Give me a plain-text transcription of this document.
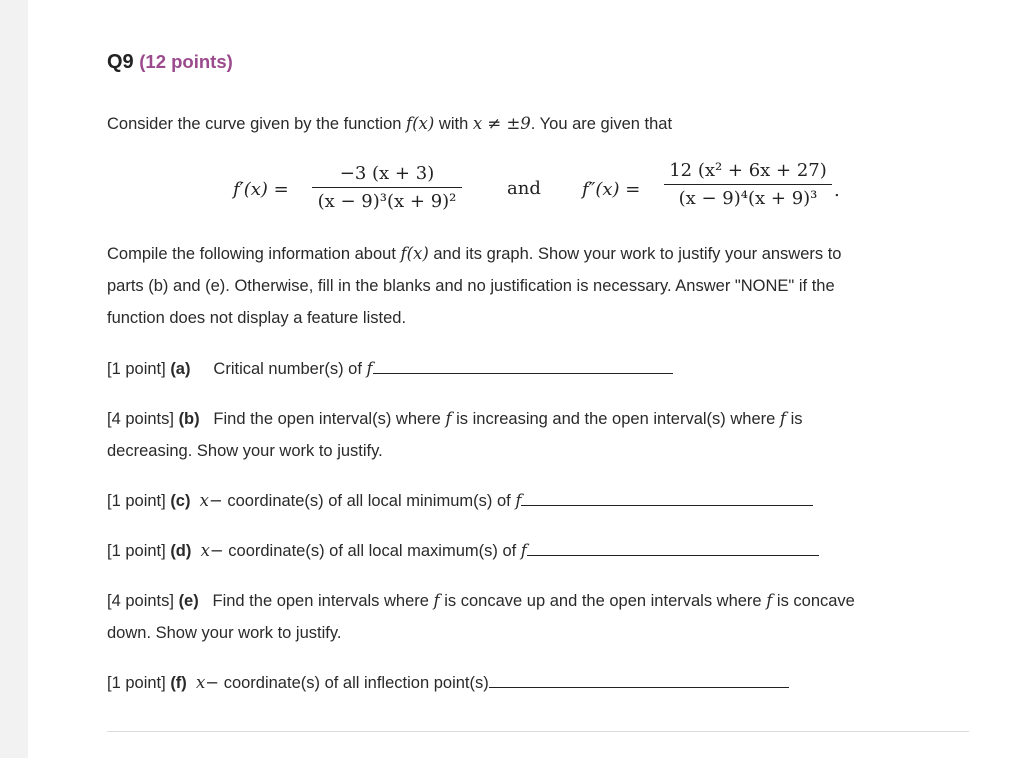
Q9 (12 points)
Consider the curve given by the function f(x) with x ≠ ±9. You are given that
f′(x) =
−3 (x + 3)
(x − 9)³(x + 9)²
and f″(x) =
12 (x² + 6x + 27)
(x − 9)⁴(x + 9)³ .
Compile the following information about f(x) and its graph. Show your work to justify your answers to
parts (b) and (e). Otherwise, fill in the blanks and no justification is necessary. Answer "NONE" if the
function does not display a feature listed.
[1 point] (a) Critical number(s) of f
[4 points] (b) Find the open interval(s) where f is increasing and the open interval(s) where f is
decreasing. Show your work to justify.
[1 point] (c) x− coordinate(s) of all local minimum(s) of f
[1 point] (d) x− coordinate(s) of all local maximum(s) of f
[4 points] (e) Find the open intervals where f is concave up and the open intervals where f is concave
down. Show your work to justify.
[1 point] (f) x− coordinate(s) of all inflection point(s)
